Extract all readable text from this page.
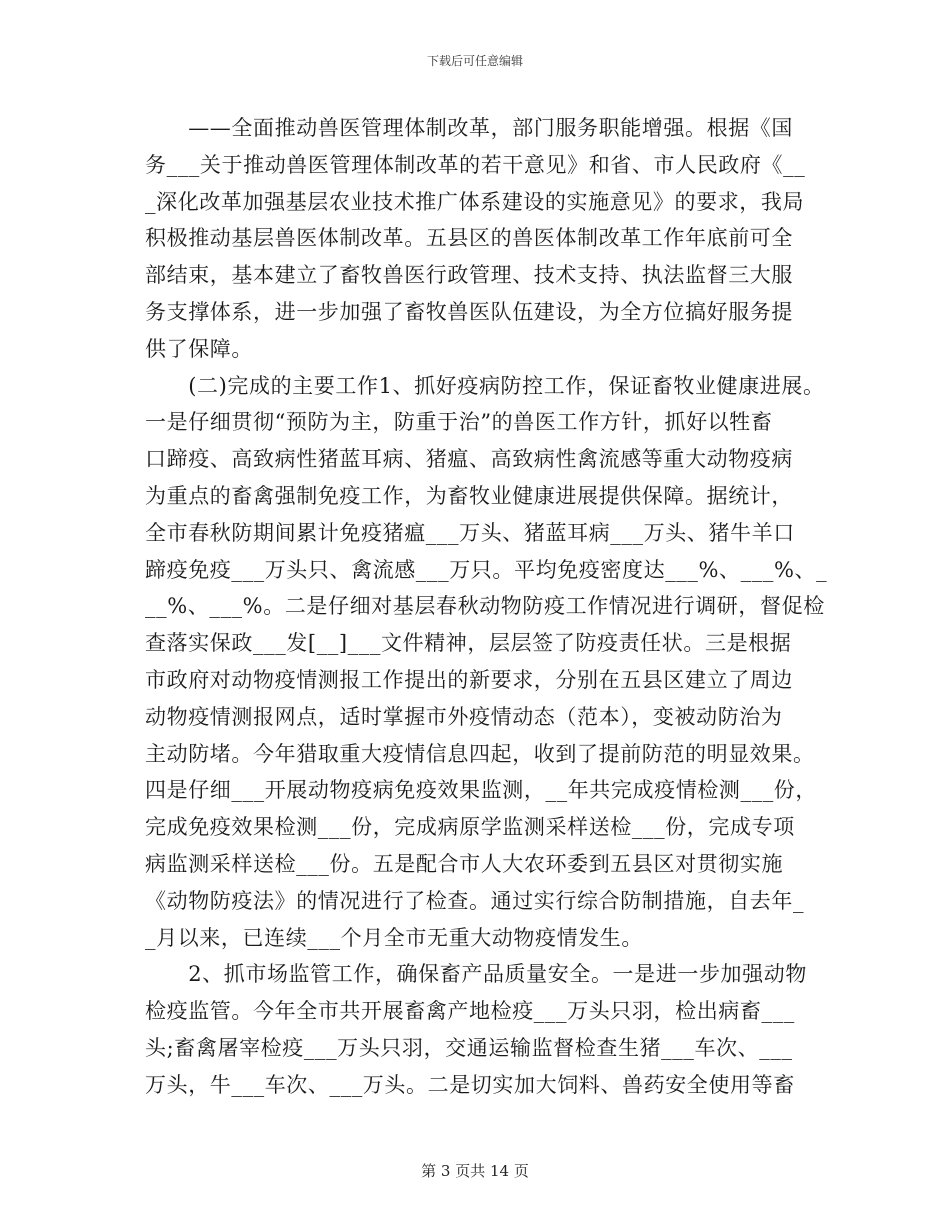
下载后可任意编辑
　　——全面推动兽医管理体制改革，部门服务职能增强。根据《国
务___关于推动兽医管理体制改革的若干意见》和省、市人民政府《__
_深化改革加强基层农业技术推广体系建设的实施意见》的要求，我局
积极推动基层兽医体制改革。五县区的兽医体制改革工作年底前可全
部结束，基本建立了畜牧兽医行政管理、技术支持、执法监督三大服
务支撑体系，进一步加强了畜牧兽医队伍建设，为全方位搞好服务提
供了保障。
　　(二)完成的主要工作1、抓好疫病防控工作，保证畜牧业健康进展。
一是仔细贯彻“预防为主，防重于治”的兽医工作方针，抓好以牲畜
口蹄疫、高致病性猪蓝耳病、猪瘟、高致病性禽流感等重大动物疫病
为重点的畜禽强制免疫工作，为畜牧业健康进展提供保障。据统计，
全市春秋防期间累计免疫猪瘟___万头、猪蓝耳病___万头、猪牛羊口
蹄疫免疫___万头只、禽流感___万只。平均免疫密度达___%、___%、_
__%、___%。二是仔细对基层春秋动物防疫工作情况进行调研，督促检
查落实保政___发[__]___文件精神，层层签了防疫责任状。三是根据
市政府对动物疫情测报工作提出的新要求，分别在五县区建立了周边
动物疫情测报网点，适时掌握市外疫情动态（范本），变被动防治为
主动防堵。今年猎取重大疫情信息四起，收到了提前防范的明显效果。
四是仔细___开展动物疫病免疫效果监测，__年共完成疫情检测___份，
完成免疫效果检测___份，完成病原学监测采样送检___份，完成专项
病监测采样送检___份。五是配合市人大农环委到五县区对贯彻实施
《动物防疫法》的情况进行了检查。通过实行综合防制措施，自去年_
_月以来，已连续___个月全市无重大动物疫情发生。
　　2、抓市场监管工作，确保畜产品质量安全。一是进一步加强动物
检疫监管。今年全市共开展畜禽产地检疫___万头只羽，检出病畜___
头;畜禽屠宰检疫___万头只羽，交通运输监督检查生猪___车次、___
万头，牛___车次、___万头。二是切实加大饲料、兽药安全使用等畜
第 3 页共 14 页
